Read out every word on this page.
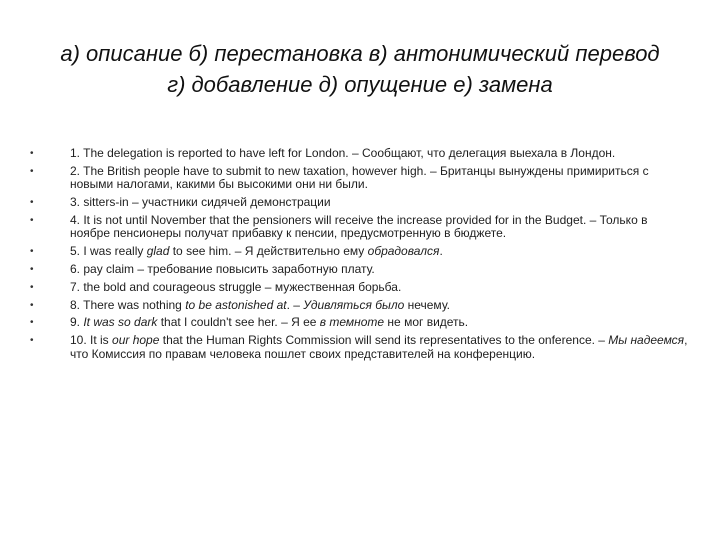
а) описание б) перестановка в) антонимический перевод
г) добавление д) опущение е) замена
•	1. The delegation is reported to have left for London. – Сообщают, что делегация выехала в Лондон.
•	2. The British people have to submit to new taxation, however high. – Британцы вынуждены примириться с новыми налогами, какими бы высокими они ни были.
•	3. sitters-in – участники сидячей демонстрации
•	4. It is not until November that the pensioners will receive the increase provided for in the Budget. – Только в ноябре пенсионеры получат прибавку к пенсии, предусмотренную в бюджете.
•	5. I was really glad to see him. – Я действительно ему обрадовался.
•	6. pay claim – требование повысить заработную плату.
•	7. the bold and courageous struggle – мужественная борьба.
•	8. There was nothing to be astonished at. – Удивляться было нечему.
•	9. It was so dark that I couldn't see her. – Я ее в темноте не мог видеть.
•	10. It is our hope that the Human Rights Commission will send its representatives to the onference. – Мы надеемся, что Комиссия по правам человека пошлет своих представителей на конференцию.
